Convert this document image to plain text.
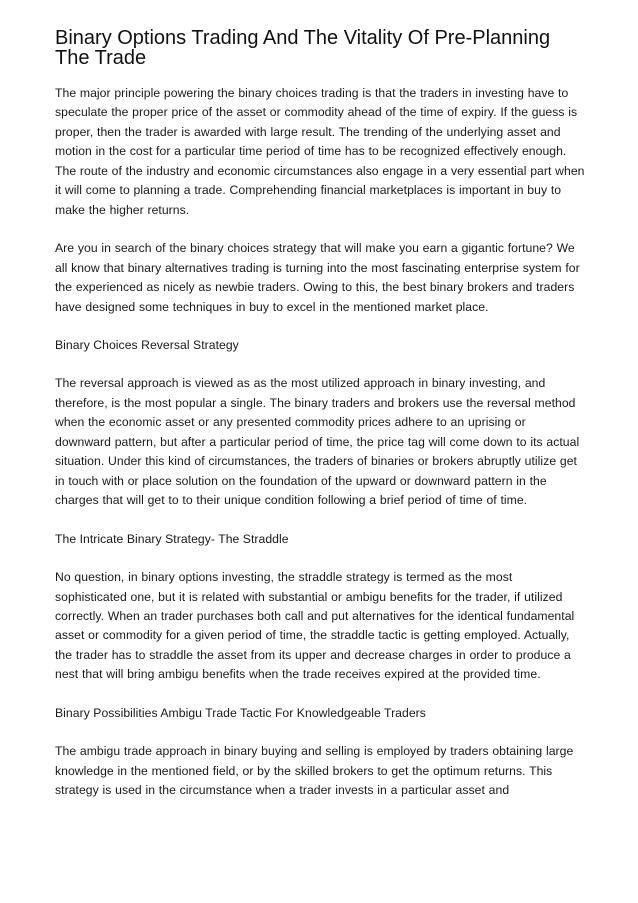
Binary Options Trading And The Vitality Of Pre-Planning The Trade

The major principle powering the binary choices trading is that the traders in investing have to speculate the proper price of the asset or commodity ahead of the time of expiry. If the guess is proper, then the trader is awarded with large result. The trending of the underlying asset and motion in the cost for a particular time period of time has to be recognized effectively enough. The route of the industry and economic circumstances also engage in a very essential part when it will come to planning a trade. Comprehending financial marketplaces is important in buy to make the higher returns.

Are you in search of the binary choices strategy that will make you earn a gigantic fortune? We all know that binary alternatives trading is turning into the most fascinating enterprise system for the experienced as nicely as newbie traders. Owing to this, the best binary brokers and traders have designed some techniques in buy to excel in the mentioned market place.

Binary Choices Reversal Strategy

The reversal approach is viewed as as the most utilized approach in binary investing, and therefore, is the most popular a single. The binary traders and brokers use the reversal method when the economic asset or any presented commodity prices adhere to an uprising or downward pattern, but after a particular period of time, the price tag will come down to its actual situation. Under this kind of circumstances, the traders of binaries or brokers abruptly utilize get in touch with or place solution on the foundation of the upward or downward pattern in the charges that will get to to their unique condition following a brief period of time of time.

The Intricate Binary Strategy- The Straddle

No question, in binary options investing, the straddle strategy is termed as the most sophisticated one, but it is related with substantial or ambigu benefits for the trader, if utilized correctly. When an trader purchases both call and put alternatives for the identical fundamental asset or commodity for a given period of time, the straddle tactic is getting employed. Actually, the trader has to straddle the asset from its upper and decrease charges in order to produce a nest that will bring ambigu benefits when the trade receives expired at the provided time.

Binary Possibilities Ambigu Trade Tactic For Knowledgeable Traders

The ambigu trade approach in binary buying and selling is employed by traders obtaining large knowledge in the mentioned field, or by the skilled brokers to get the optimum returns. This strategy is used in the circumstance when a trader invests in a particular asset and
